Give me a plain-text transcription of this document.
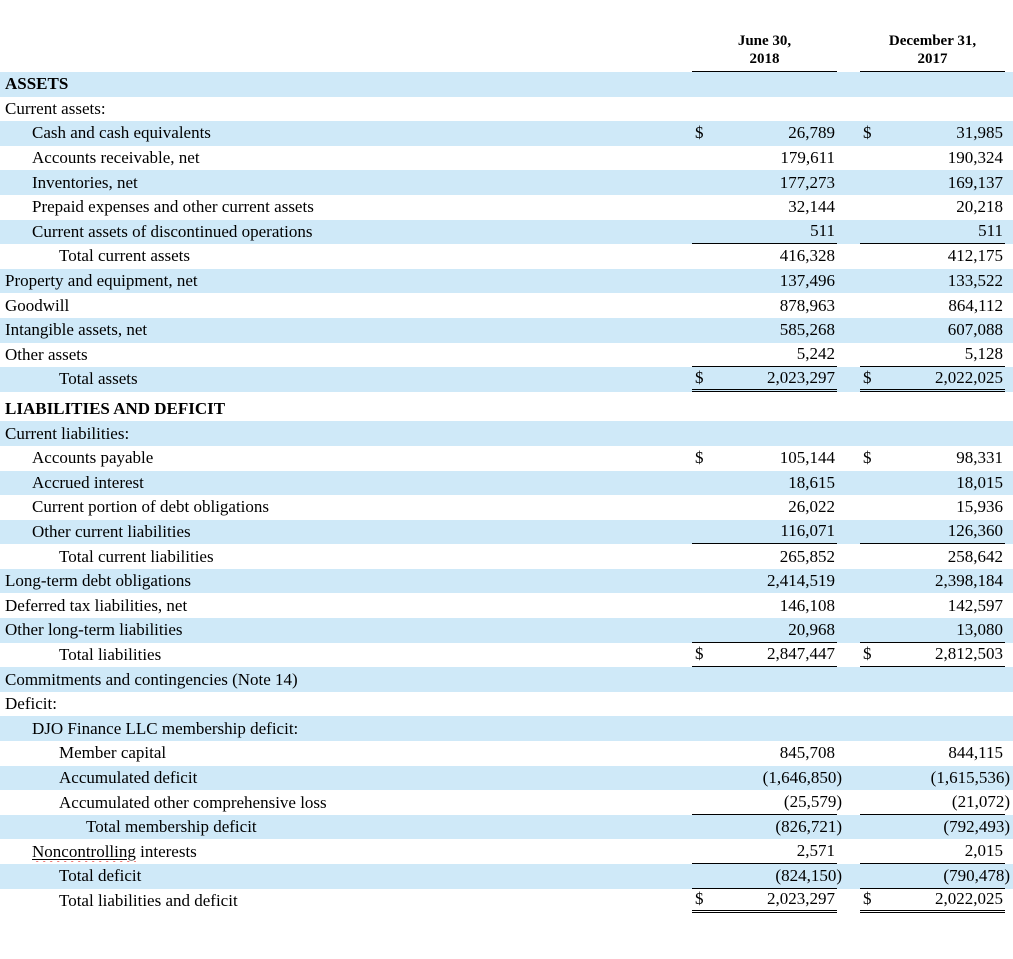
June 30,
2018
December 31,
2017
ASSETS
Current assets:
Cash and cash equivalents	$	26,789 $	31,985
Accounts receivable, net	179,611	190,324
Inventories, net	177,273	169,137
Prepaid expenses and other current assets	32,144	20,218
Current assets of discontinued operations	511	511
Total current assets	416,328	412,175
Property and equipment, net	137,496	133,522
Goodwill	878,963	864,112
Intangible assets, net	585,268	607,088
Other assets	5,242	5,128
Total assets	$	2,023,297 $	2,022,025
LIABILITIES AND DEFICIT
Current liabilities:
Accounts payable	$	105,144 $	98,331
Accrued interest	18,615	18,015
Current portion of debt obligations	26,022	15,936
Other current liabilities	116,071	126,360
Total current liabilities	265,852	258,642
Long-term debt obligations	2,414,519	2,398,184
Deferred tax liabilities, net	146,108	142,597
Other long-term liabilities	20,968	13,080
Total liabilities	$	2,847,447 $	2,812,503
Commitments and contingencies (Note 14)
Deficit:
DJO Finance LLC membership deficit:
Member capital	845,708	844,115
Accumulated deficit	(1,646,850)	(1,615,536)
Accumulated other comprehensive loss	(25,579)	(21,072)
Total membership deficit	(826,721)	(792,493)
Noncontrolling interests	2,571	2,015
Total deficit	(824,150)	(790,478)
Total liabilities and deficit	$	2,023,297 $	2,022,025
